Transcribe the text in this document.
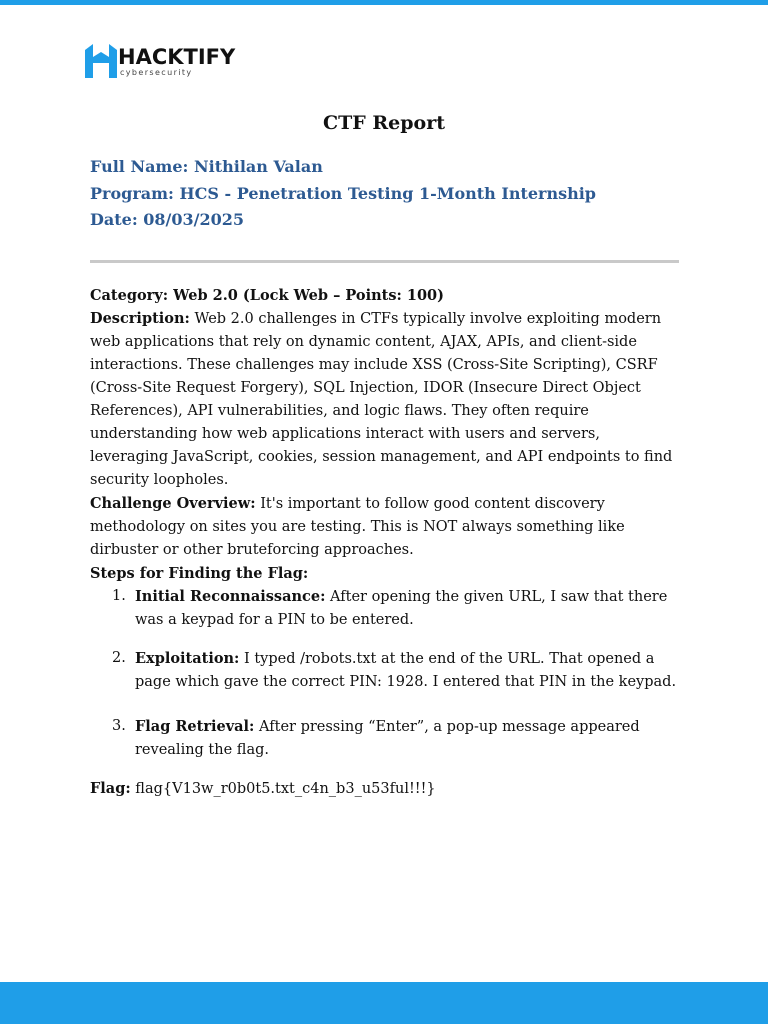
HACKTIFY
cybersecurity
CTF Report
Full Name: Nithilan Valan
Program: HCS - Penetration Testing 1-Month Internship
Date: 08/03/2025

Category: Web 2.0 (Lock Web – Points: 100)

Description: Web 2.0 challenges in CTFs typically involve exploiting modern web applications that rely on dynamic content, AJAX, APIs, and client-side interactions. These challenges may include XSS (Cross-Site Scripting), CSRF (Cross-Site Request Forgery), SQL Injection, IDOR (Insecure Direct Object References), API vulnerabilities, and logic flaws. They often require understanding how web applications interact with users and servers, leveraging JavaScript, cookies, session management, and API endpoints to find security loopholes.

Challenge Overview: It's important to follow good content discovery methodology on sites you are testing. This is NOT always something like dirbuster or other bruteforcing approaches.

Steps for Finding the Flag:

1. Initial Reconnaissance: After opening the given URL, I saw that there was a keypad for a PIN to be entered.
2. Exploitation: I typed /robots.txt at the end of the URL. That opened a page which gave the correct PIN: 1928. I entered that PIN in the keypad.
3. Flag Retrieval: After pressing “Enter”, a pop-up message appeared revealing the flag.

Flag: flag{V13w_r0b0t5.txt_c4n_b3_u53ful!!!}
